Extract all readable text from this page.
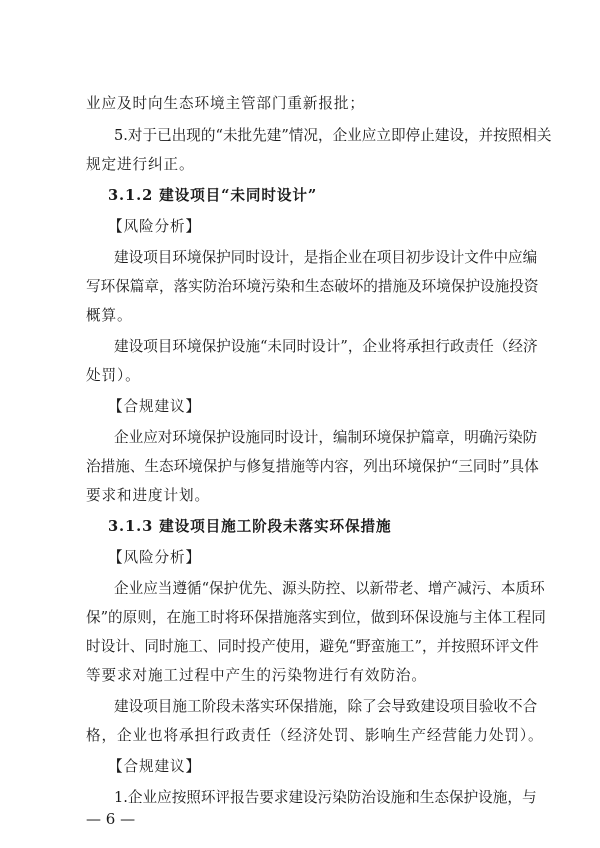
业应及时向生态环境主管部门重新报批；
5.对于已出现的“未批先建”情况，企业应立即停止建设，并按照相关
规定进行纠正。
3.1.2 建设项目“未同时设计”
【风险分析】
建设项目环境保护同时设计，是指企业在项目初步设计文件中应编
写环保篇章，落实防治环境污染和生态破坏的措施及环境保护设施投资
概算。
建设项目环境保护设施“未同时设计”，企业将承担行政责任（经济
处罚）。
【合规建议】
企业应对环境保护设施同时设计，编制环境保护篇章，明确污染防
治措施、生态环境保护与修复措施等内容，列出环境保护“三同时”具体
要求和进度计划。
3.1.3 建设项目施工阶段未落实环保措施
【风险分析】
企业应当遵循“保护优先、源头防控、以新带老、增产减污、本质环
保”的原则，在施工时将环保措施落实到位，做到环保设施与主体工程同
时设计、同时施工、同时投产使用，避免“野蛮施工”，并按照环评文件
等要求对施工过程中产生的污染物进行有效防治。
建设项目施工阶段未落实环保措施，除了会导致建设项目验收不合
格，企业也将承担行政责任（经济处罚、影响生产经营能力处罚）。
【合规建议】
1.企业应按照环评报告要求建设污染防治设施和生态保护设施，与
— 6 —
